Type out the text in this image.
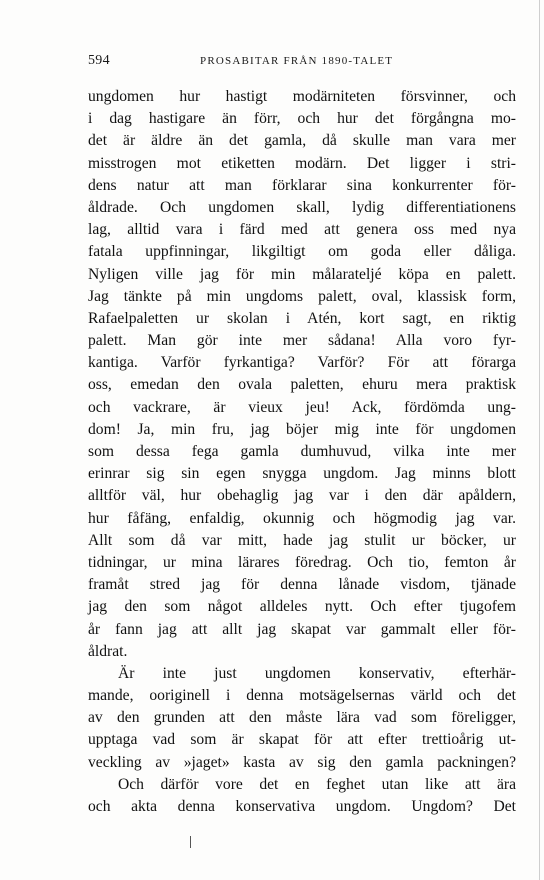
594	PROSABITAR FRÅN 1890-TALET
ungdomen hur hastigt modärniteten försvinner, och
i dag hastigare än förr, och hur det förgångna mo-
det är äldre än det gamla, då skulle man vara mer
misstrogen mot etiketten modärn. Det ligger i stri-
dens natur att man förklarar sina konkurrenter för-
åldrade. Och ungdomen skall, lydig differentiationens
lag, alltid vara i färd med att genera oss med nya
fatala uppfinningar, likgiltigt om goda eller dåliga.
Nyligen ville jag för min målarateljé köpa en palett.
Jag tänkte på min ungdoms palett, oval, klassisk form,
Rafaelpaletten ur skolan i Atén, kort sagt, en riktig
palett. Man gör inte mer sådana! Alla voro fyr-
kantiga. Varför fyrkantiga? Varför? För att förarga
oss, emedan den ovala paletten, ehuru mera praktisk
och vackrare, är vieux jeu! Ack, fördömda ung-
dom! Ja, min fru, jag böjer mig inte för ungdomen
som dessa fega gamla dumhuvud, vilka inte mer
erinrar sig sin egen snygga ungdom. Jag minns blott
alltför väl, hur obehaglig jag var i den där apåldern,
hur fåfäng, enfaldig, okunnig och högmodig jag var.
Allt som då var mitt, hade jag stulit ur böcker, ur
tidningar, ur mina lärares föredrag. Och tio, femton år
framåt stred jag för denna lånade visdom, tjänade
jag den som något alldeles nytt. Och efter tjugofem
år fann jag att allt jag skapat var gammalt eller för-
åldrat.
Är inte just ungdomen konservativ, efterhär-
mande, ooriginell i denna motsägelsernas värld och det
av den grunden att den måste lära vad som föreligger,
upptaga vad som är skapat för att efter trettioårig ut-
veckling av »jaget» kasta av sig den gamla packningen?
Och därför vore det en feghet utan like att ära
och akta denna konservativa ungdom. Ungdom? Det
